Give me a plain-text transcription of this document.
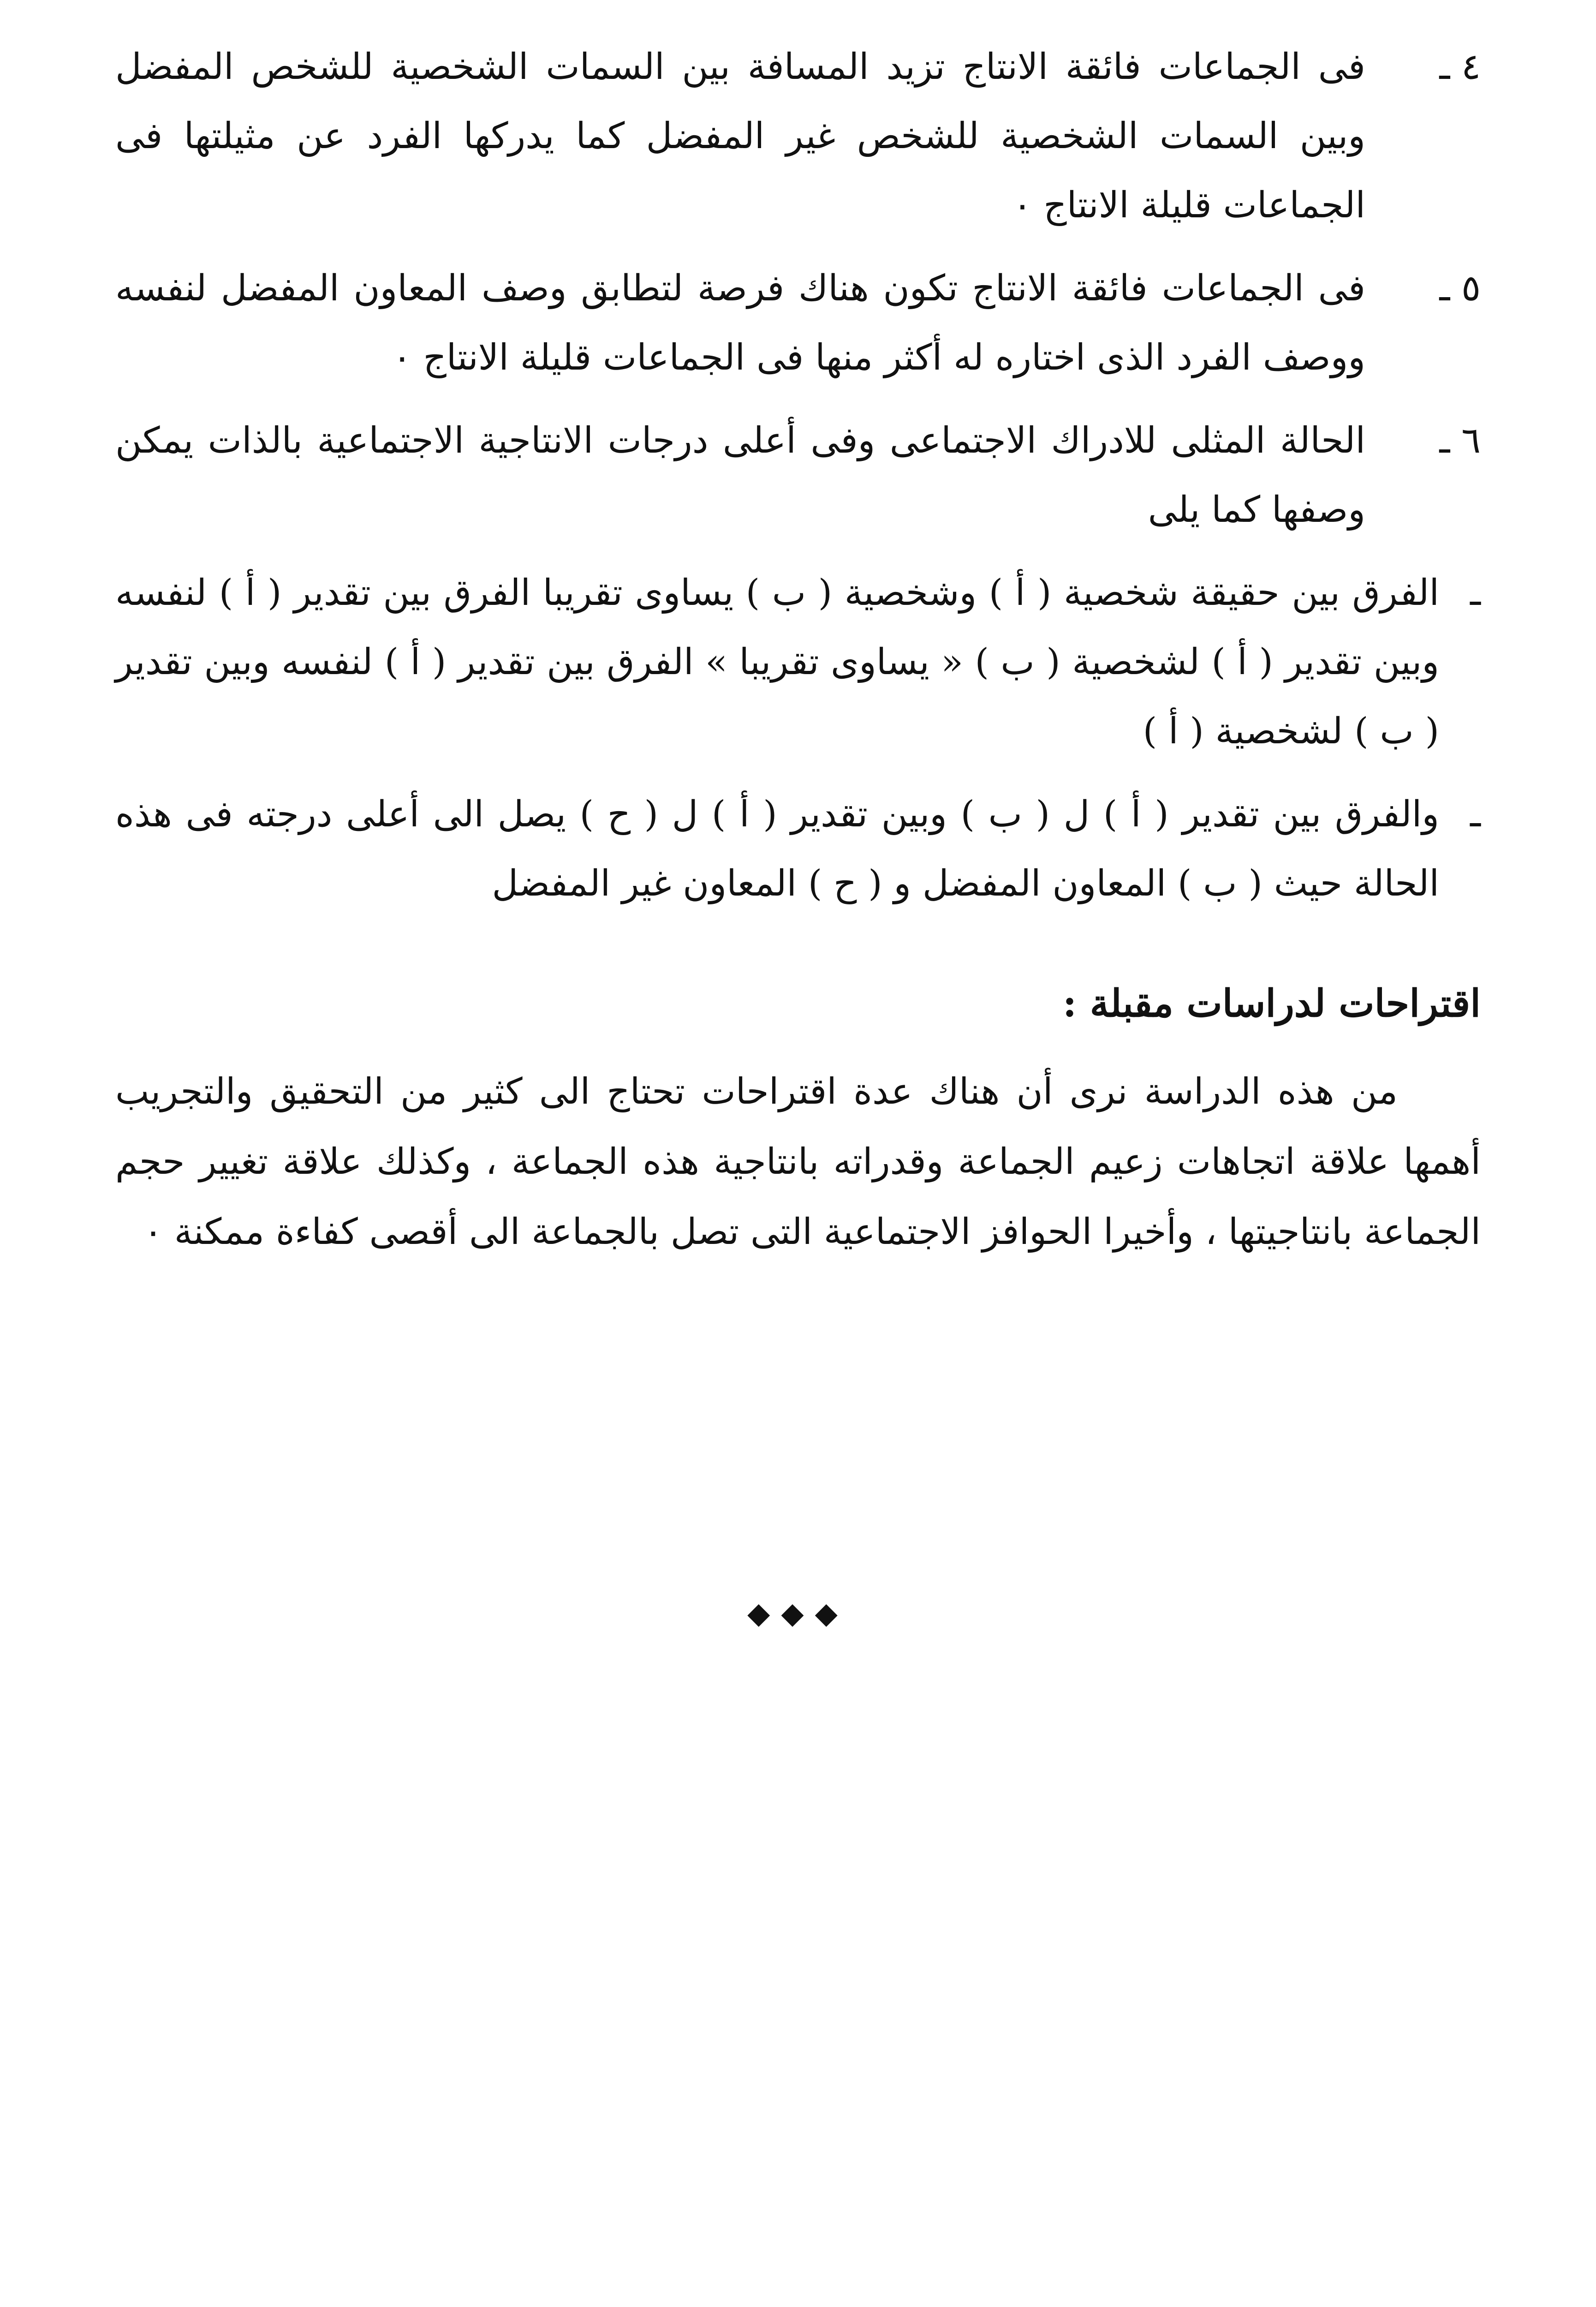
٤ ـ
فى الجماعات فائقة الانتاج تزيد المسافة بين السمات الشخصية للشخص المفضل وبين السمات الشخصية للشخص غير المفضل كما يدركها الفرد عن مثيلتها فى الجماعات قليلة الانتاج ٠
٥ ـ
فى الجماعات فائقة الانتاج تكون هناك فرصة لتطابق وصف المعاون المفضل لنفسه ووصف الفرد الذى اختاره له أكثر منها فى الجماعات قليلة الانتاج ٠
٦ ـ
الحالة المثلى للادراك الاجتماعى وفى أعلى درجات الانتاجية الاجتماعية بالذات يمكن وصفها كما يلى
ـ
الفرق بين حقيقة شخصية ( أ ) وشخصية ( ب ) يساوى تقريبا الفرق بين تقدير ( أ ) لنفسه وبين تقدير ( أ ) لشخصية ( ب ) « يساوى تقريبا » الفرق بين تقدير ( أ ) لنفسه وبين تقدير ( ب ) لشخصية ( أ )
ـ
والفرق بين تقدير ( أ ) ل ( ب ) وبين تقدير ( أ ) ل ( ح ) يصل الى أعلى درجته فى هذه الحالة حيث ( ب ) المعاون المفضل و ( ح ) المعاون غير المفضل
اقتراحات لدراسات مقبلة :
من هذه الدراسة نرى أن هناك عدة اقتراحات تحتاج الى كثير من التحقيق والتجريب أهمها علاقة اتجاهات زعيم الجماعة وقدراته بانتاجية هذه الجماعة ، وكذلك علاقة تغيير حجم الجماعة بانتاجيتها ، وأخيرا الحوافز الاجتماعية التى تصل بالجماعة الى أقصى كفاءة ممكنة ٠
◆◆◆
